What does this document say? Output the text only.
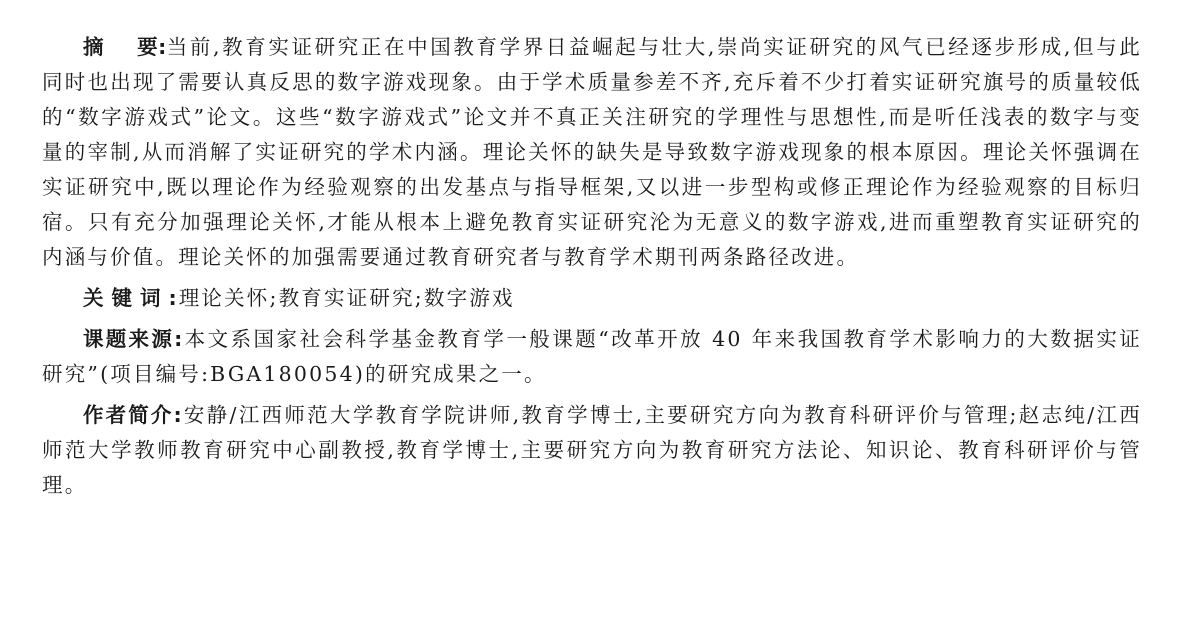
摘 要:当前,教育实证研究正在中国教育学界日益崛起与壮大,崇尚实证研究的风气已经逐步形成,但与此同时也出现了需要认真反思的数字游戏现象。由于学术质量参差不齐,充斥着不少打着实证研究旗号的质量较低的“数字游戏式”论文。这些“数字游戏式”论文并不真正关注研究的学理性与思想性,而是听任浅表的数字与变量的宰制,从而消解了实证研究的学术内涵。理论关怀的缺失是导致数字游戏现象的根本原因。理论关怀强调在实证研究中,既以理论作为经验观察的出发基点与指导框架,又以进一步型构或修正理论作为经验观察的目标归宿。只有充分加强理论关怀,才能从根本上避免教育实证研究沦为无意义的数字游戏,进而重塑教育实证研究的内涵与价值。理论关怀的加强需要通过教育研究者与教育学术期刊两条路径改进。

关键词:理论关怀;教育实证研究;数字游戏

课题来源:本文系国家社会科学基金教育学一般课题“改革开放 40 年来我国教育学术影响力的大数据实证研究”(项目编号:BGA180054)的研究成果之一。

作者简介:安静/江西师范大学教育学院讲师,教育学博士,主要研究方向为教育科研评价与管理;赵志纯/江西师范大学教师教育研究中心副教授,教育学博士,主要研究方向为教育研究方法论、知识论、教育科研评价与管理。
